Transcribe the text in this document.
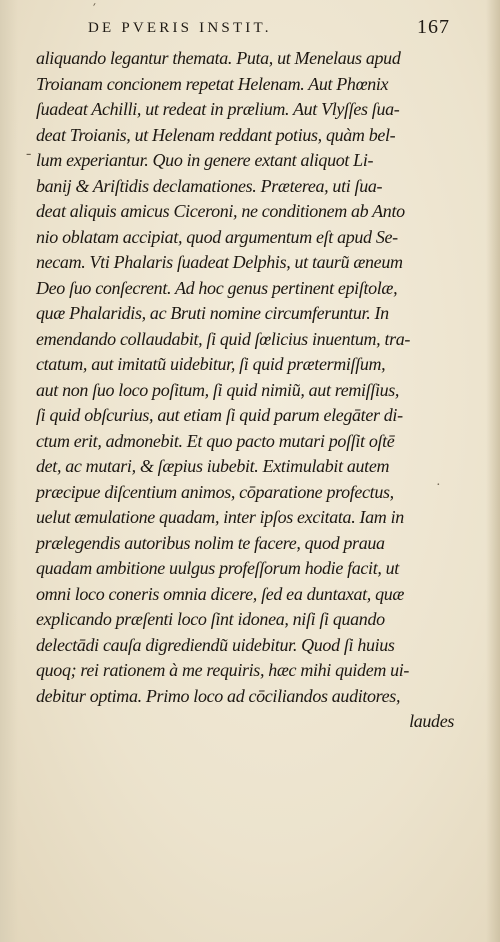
ˊ
-
·
DE PVERIS INSTIT.	167
aliquando legantur themata. Puta, ut Menelaus apud
Troianam concionem repetat Helenam. Aut Phœnix
ſuadeat Achilli, ut redeat in prælium. Aut Vlyſſes ſua-
deat Troianis, ut Helenam reddant potius, quàm bel-
lum experiantur. Quo in genere extant aliquot Li-
banij & Ariſtidis declamationes. Præterea, uti ſua-
deat aliquis amicus Ciceroni, ne conditionem ab Anto
nio oblatam accipiat, quod argumentum eſt apud Se-
necam. Vti Phalaris ſuadeat Delphis, ut tauru͂ æneum
Deo ſuo conſecrent. Ad hoc genus pertinent epiſtolæ,
quæ Phalaridis, ac Bruti nomine circumferuntur. In
emendando collaudabit, ſi quid ſœlicius inuentum, tra-
ctatum, aut imitatu͂ uidebitur, ſi quid prætermiſſum,
aut non ſuo loco poſitum, ſi quid nimiu͂, aut remiſſius,
ſi quid obſcurius, aut etiam ſi quid parum elegāter di-
ctum erit, admonebit. Et quo pacto mutari poſſit oſtē
det, ac mutari, & ſæpius iubebit. Extimulabit autem
præcipue diſcentium animos, cōparatione profectus,
uelut æmulatione quadam, inter ipſos excitata. Iam in
prælegendis autoribus nolim te facere, quod praua
quadam ambitione uulgus profeſſorum hodie facit, ut
omni loco coneris omnia dicere, ſed ea duntaxat, quæ
explicando præſenti loco ſint idonea, niſi ſi quando
delectādi cauſa digrediendu͂ uidebitur. Quod ſi huius
quoq; rei rationem à me requiris, hæc mihi quidem ui-
debitur optima. Primo loco ad cōciliandos auditores,
laudes
